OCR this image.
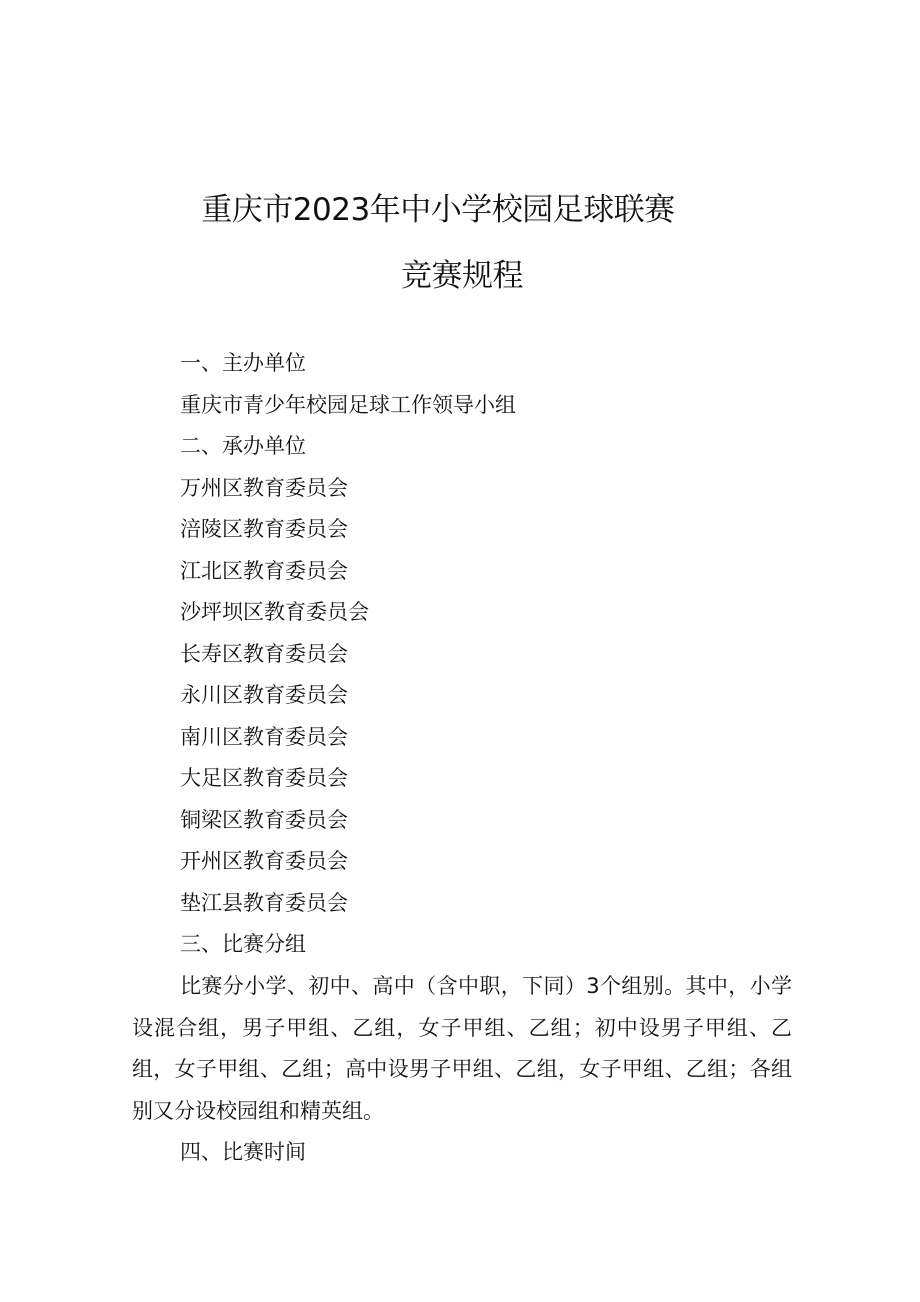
重庆市2023年中小学校园足球联赛
竞赛规程

一、主办单位

重庆市青少年校园足球工作领导小组

二、承办单位

万州区教育委员会

涪陵区教育委员会

江北区教育委员会

沙坪坝区教育委员会

长寿区教育委员会

永川区教育委员会

南川区教育委员会

大足区教育委员会

铜梁区教育委员会

开州区教育委员会

垫江县教育委员会

三、比赛分组

比赛分小学、初中、高中（含中职，下同）3个组别。其中，小学设混合组，男子甲组、乙组，女子甲组、乙组；初中设男子甲组、乙组，女子甲组、乙组；高中设男子甲组、乙组，女子甲组、乙组；各组别又分设校园组和精英组。

四、比赛时间
